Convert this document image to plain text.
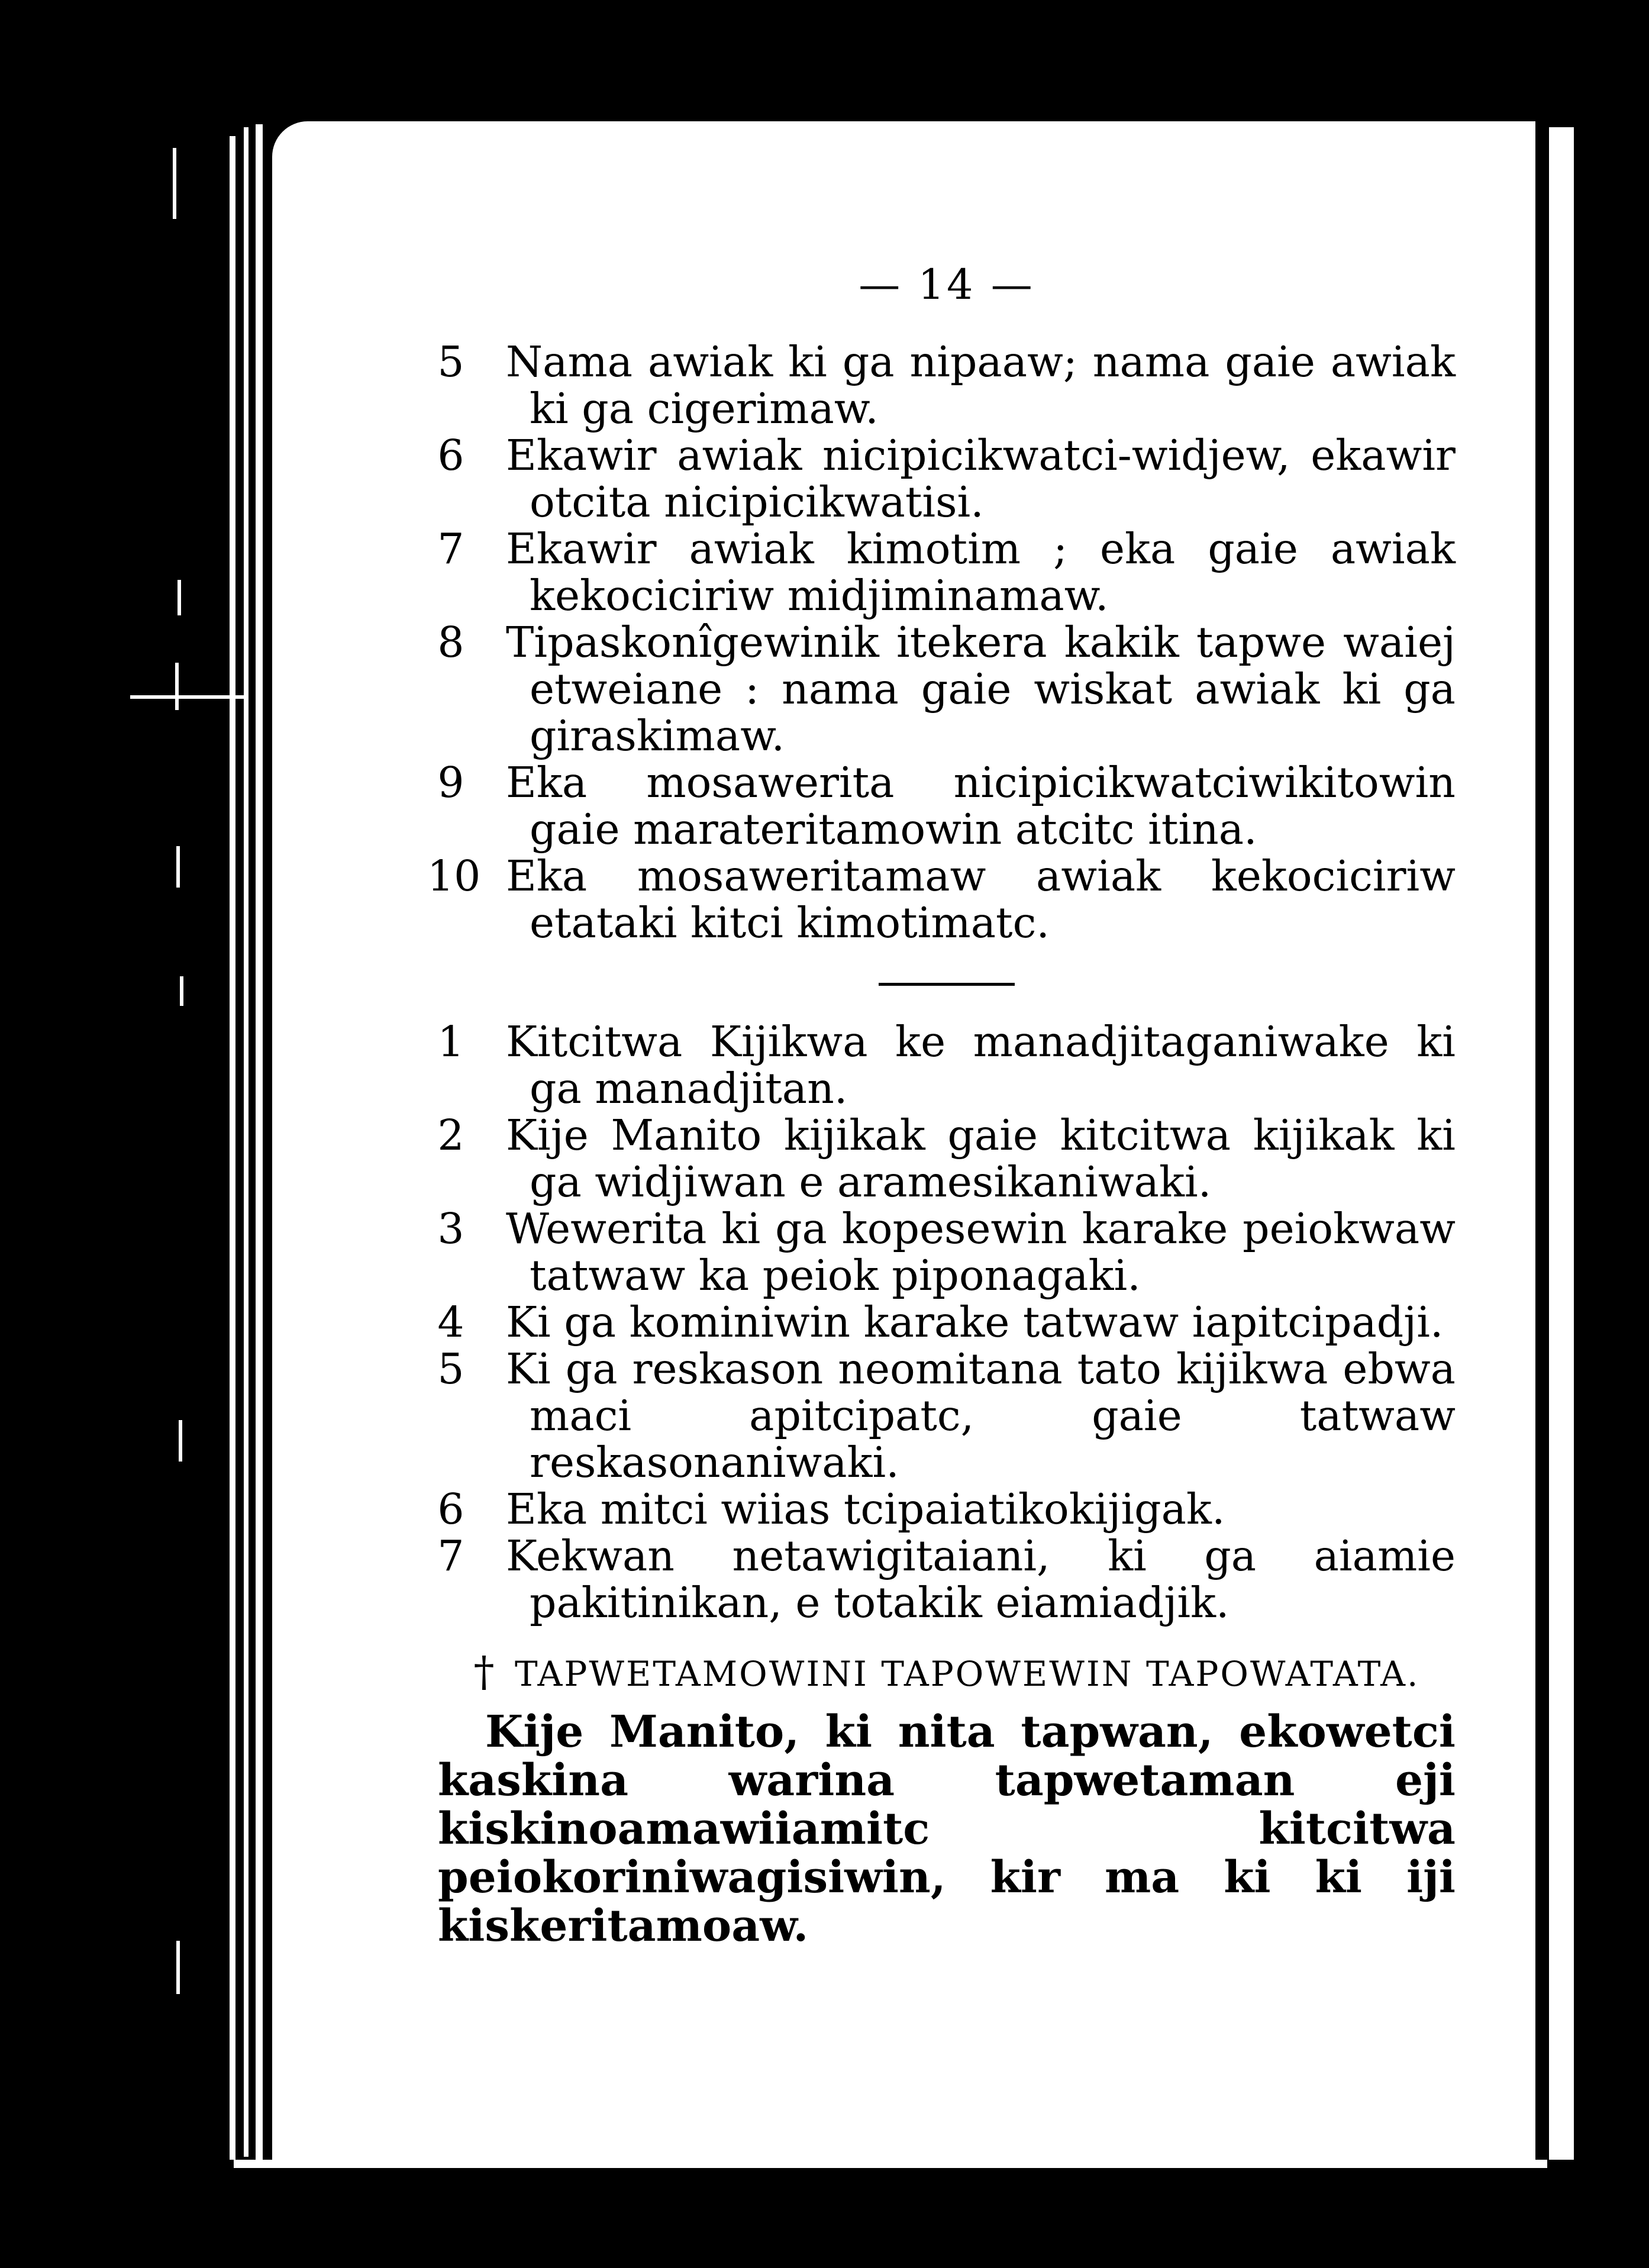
— 14 —

5 Nama awiak ki ga nipaaw; nama gaie awiak ki ga cigerimaw.

6 Ekawir awiak nicipicikwatci-widjew, ekawir otcita nicipicikwatisi.

7 Ekawir awiak kimotim ; eka gaie awiak kekociciriw midjiminamaw.

8 Tipaskonîgewinik itekera kakik tapwe waiej etweiane : nama gaie wiskat awiak ki ga giraskimaw.

9 Eka mosawerita nicipicikwatciwikitowin gaie marateritamowin atcitc itina.

10 Eka mosaweritamaw awiak kekociciriw etataki kitci kimotimatc.

1 Kitcitwa Kijikwa ke manadjitaganiwake ki ga manadjitan.

2 Kije Manito kijikak gaie kitcitwa kijikak ki ga widjiwan e aramesikaniwaki.

3 Wewerita ki ga kopesewin karake peiokwaw tatwaw ka peiok piponagaki.

4 Ki ga kominiwin karake tatwaw iapitcipadji.

5 Ki ga reskason neomitana tato kijikwa ebwa maci apitcipatc, gaie tatwaw reskasonaniwaki.

6 Eka mitci wiias tcipaiatikokijigak.

7 Kekwan netawigitaiani, ki ga aiamie pakitinikan, e totakik eiamiadjik.

† TAPWETAMOWINI TAPOWEWIN TAPOWATATA.

Kije Manito, ki nita tapwan, ekowetci kaskina warina tapwetaman eji kiskinoamawiiamitc kitcitwa peiokoriniwagisiwin, kir ma ki ki iji kiskeritamoaw.
